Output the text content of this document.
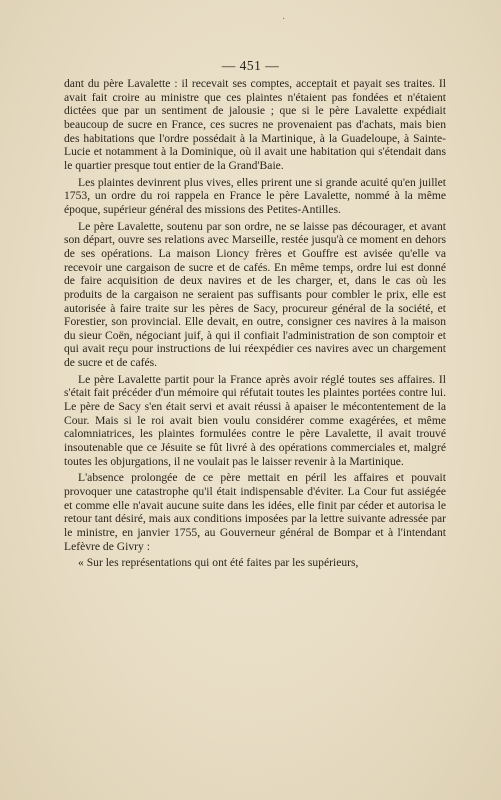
·
— 451 —

dant du père Lavalette : il recevait ses comptes, acceptait et payait ses traites. Il avait fait croire au ministre que ces plaintes n'étaient pas fondées et n'étaient dictées que par un sentiment de jalousie ; que si le père Lavalette expédiait beaucoup de sucre en France, ces sucres ne provenaient pas d'achats, mais bien des habitations que l'ordre possédait à la Martinique, à la Guadeloupe, à Sainte-Lucie et notamment à la Dominique, où il avait une habitation qui s'étendait dans le quartier presque tout entier de la Grand'Baie.

Les plaintes devinrent plus vives, elles prirent une si grande acuité qu'en juillet 1753, un ordre du roi rappela en France le père Lavalette, nommé à la même époque, supérieur général des missions des Petites-Antilles.

Le père Lavalette, soutenu par son ordre, ne se laisse pas décourager, et avant son départ, ouvre ses relations avec Marseille, restée jusqu'à ce moment en dehors de ses opérations. La maison Lioncy frères et Gouffre est avisée qu'elle va recevoir une cargaison de sucre et de cafés. En même temps, ordre lui est donné de faire acquisition de deux navires et de les charger, et, dans le cas où les produits de la cargaison ne seraient pas suffisants pour combler le prix, elle est autorisée à faire traite sur les pères de Sacy, procureur général de la société, et Forestier, son provincial. Elle devait, en outre, consigner ces navires à la maison du sieur Coën, négociant juif, à qui il confiait l'administration de son comptoir et qui avait reçu pour instructions de lui réexpédier ces navires avec un chargement de sucre et de cafés.

Le père Lavalette partit pour la France après avoir réglé toutes ses affaires. Il s'était fait précéder d'un mémoire qui réfutait toutes les plaintes portées contre lui. Le père de Sacy s'en était servi et avait réussi à apaiser le mécontentement de la Cour. Mais si le roi avait bien voulu considérer comme exagérées, et même calomniatrices, les plaintes formulées contre le père Lavalette, il avait trouvé insoutenable que ce Jésuite se fût livré à des opérations commerciales et, malgré toutes les objurgations, il ne voulait pas le laisser revenir à la Martinique.

L'absence prolongée de ce père mettait en péril les affaires et pouvait provoquer une catastrophe qu'il était indispensable d'éviter. La Cour fut assiégée et comme elle n'avait aucune suite dans les idées, elle finit par céder et autorisa le retour tant désiré, mais aux conditions imposées par la lettre suivante adressée par le ministre, en janvier 1755, au Gouverneur général de Bompar et à l'intendant Lefèvre de Givry :

« Sur les représentations qui ont été faites par les supérieurs,
